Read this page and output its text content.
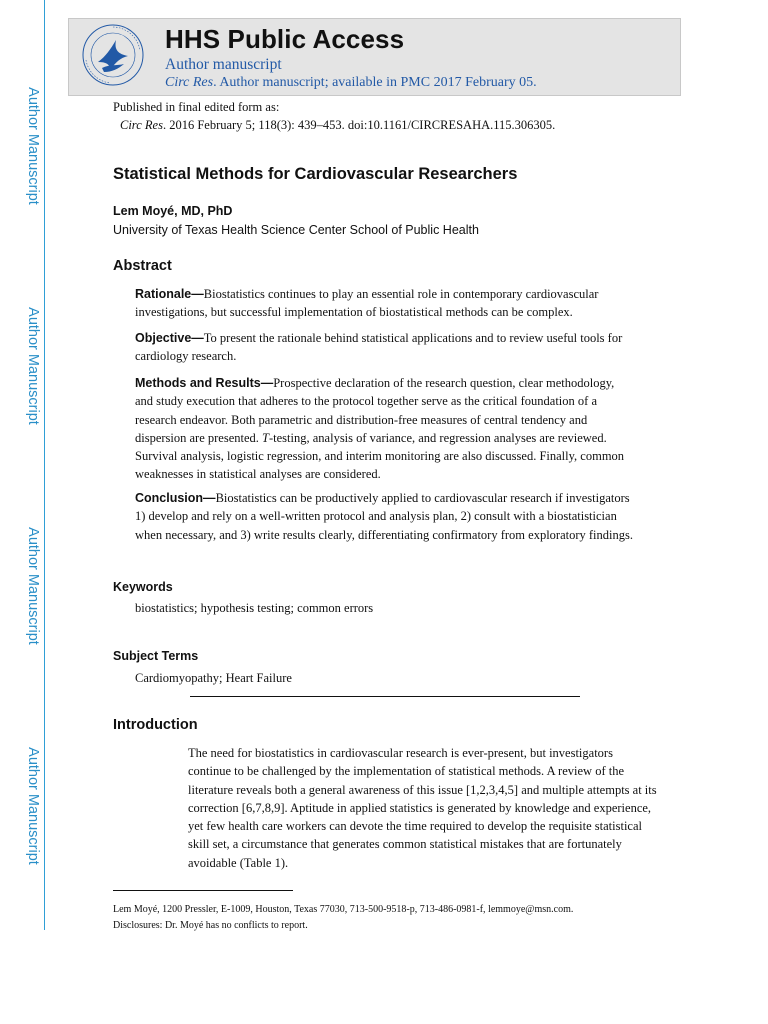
Author Manuscript
Author Manuscript
Author Manuscript
Author Manuscript
HHS Public Access
Author manuscript
Circ Res. Author manuscript; available in PMC 2017 February 05.
Published in final edited form as:
Circ Res. 2016 February 5; 118(3): 439–453. doi:10.1161/CIRCRESAHA.115.306305.
Statistical Methods for Cardiovascular Researchers
Lem Moyé, MD, PhD
University of Texas Health Science Center School of Public Health
Abstract
Rationale—Biostatistics continues to play an essential role in contemporary cardiovascular investigations, but successful implementation of biostatistical methods can be complex.
Objective—To present the rationale behind statistical applications and to review useful tools for cardiology research.
Methods and Results—Prospective declaration of the research question, clear methodology, and study execution that adheres to the protocol together serve as the critical foundation of a research endeavor. Both parametric and distribution-free measures of central tendency and dispersion are presented. T-testing, analysis of variance, and regression analyses are reviewed. Survival analysis, logistic regression, and interim monitoring are also discussed. Finally, common weaknesses in statistical analyses are considered.
Conclusion—Biostatistics can be productively applied to cardiovascular research if investigators 1) develop and rely on a well-written protocol and analysis plan, 2) consult with a biostatistician when necessary, and 3) write results clearly, differentiating confirmatory from exploratory findings.
Keywords
biostatistics; hypothesis testing; common errors
Subject Terms
Cardiomyopathy; Heart Failure
Introduction
The need for biostatistics in cardiovascular research is ever-present, but investigators continue to be challenged by the implementation of statistical methods. A review of the literature reveals both a general awareness of this issue [1,2,3,4,5] and multiple attempts at its correction [6,7,8,9]. Aptitude in applied statistics is generated by knowledge and experience, yet few health care workers can devote the time required to develop the requisite statistical skill set, a circumstance that generates common statistical mistakes that are fortunately avoidable (Table 1).
Lem Moyé, 1200 Pressler, E-1009, Houston, Texas 77030, 713-500-9518-p, 713-486-0981-f, lemmoye@msn.com.
Disclosures: Dr. Moyé has no conflicts to report.
